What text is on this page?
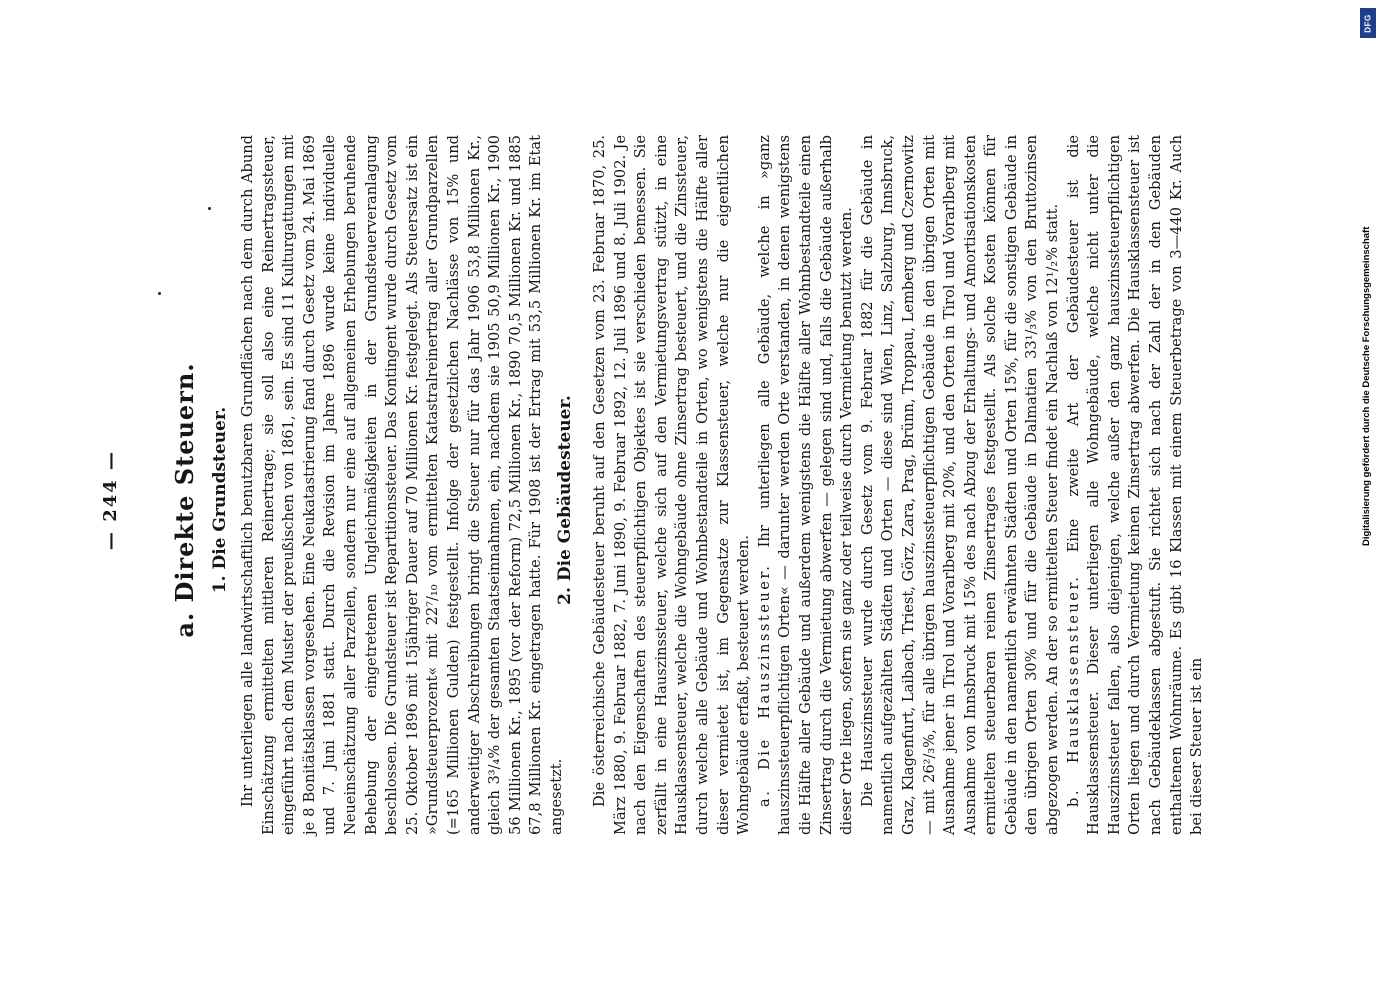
— 244 — a. Direkte Steuern. 1. Die Grundsteuer. Ihr unterliegen alle landwirtschaftlich benutzbaren Grundflächen nach dem durch Abund Einschätzung ermittelten mittleren Reinertrage; sie soll also eine Reinertragssteuer, eingeführt nach dem Muster der preußischen von 1861, sein. Es sind 11 Kulturgattungen mit je 8 Bonitätsklassen vorgesehen. Eine Neukatastrierung fand durch Gesetz vom 24. Mai 1869 und 7. Juni 1881 statt. Durch die Revision im Jahre 1896 wurde keine individuelle Neueinschätzung aller Parzellen, sondern nur eine auf allgemeinen Erhebungen beruhende Behebung der eingetretenen Ungleichmäßigkeiten in der Grundsteuerveranlagung beschlossen. Die Grundsteuer ist Repartitionssteuer. Das Kontingent wurde durch Gesetz vom 25. Oktober 1896 mit 15jähriger Dauer auf 70 Millionen Kr. festgelegt. Als Steuersatz ist ein »Grundsteuerprozent« mit 22⁷/₁₀ vom ermittelten Katastralreinertrag aller Grundparzellen (=165 Millionen Gulden) festgestellt. Infolge der gesetzlichen Nachlässe von 15% und anderweitiger Abschreibungen bringt die Steuer nur für das Jahr 1906 53,8 Millionen Kr., gleich 3³/₄% der gesamten Staatseinnahmen, ein, nachdem sie 1905 50,9 Millionen Kr., 1900 56 Millionen Kr., 1895 (vor der Reform) 72,5 Millionen Kr., 1890 70,5 Millionen Kr. und 1885 67,8 Millionen Kr. eingetragen hatte. Für 1908 ist der Ertrag mit 53,5 Millionen Kr. im Etat angesetzt.

2. Die Gebäudesteuer. Die österreichische Gebäudesteuer beruht auf den Gesetzen vom 23. Februar 1870, 25. März 1880, 9. Februar 1882, 7. Juni 1890, 9. Februar 1892, 12. Juli 1896 und 8. Juli 1902. Je nach den Eigenschaften des steuerpflichtigen Objektes ist sie verschieden bemessen. Sie zerfällt in eine Hauszinssteuer, welche sich auf den Vermietungsvertrag stützt, in eine Hausklassensteuer, welche die Wohngebäude ohne Zinsertrag besteuert, und die Zinssteuer, durch welche alle Gebäude und Wohnbestandteile in Orten, wo wenigstens die Hälfte aller dieser vermietet ist, im Gegensatze zur Klassensteuer, welche nur die eigentlichen Wohngebäude erfaßt, besteuert werden. a. Die Hauszinssteuer. Ihr unterliegen alle Gebäude, welche in »ganz hauszinssteuerpflichtigen Orten« — darunter werden Orte verstanden, in denen wenigstens die Hälfte aller Gebäude und außerdem wenigstens die Hälfte aller Wohnbestandteile einen Zinsertrag durch die Vermietung abwerfen — gelegen sind und, falls die Gebäude außerhalb dieser Orte liegen, sofern sie ganz oder teilweise durch Vermietung benutzt werden. Die Hauszinssteuer wurde durch Gesetz vom 9. Februar 1882 für die Gebäude in namentlich aufgezählten Städten und Orten — diese sind Wien, Linz, Salzburg, Innsbruck, Graz, Klagenfurt, Laibach, Triest, Görz, Zara, Prag, Brünn, Troppau, Lemberg und Czernowitz — mit 26²/₃%, für alle übrigen hauszinssteuerpflichtigen Gebäude in den übrigen Orten mit Ausnahme jener in Tirol und Vorarlberg mit 20%, und den Orten in Tirol und Vorarlberg mit Ausnahme von Innsbruck mit 15% des nach Abzug der Erhaltungs- und Amortisationskosten ermittelten steuerbaren reinen Zinsertrages festgestellt. Als solche Kosten können für Gebäude in den namentlich erwähnten Städten und Orten 15%, für die sonstigen Gebäude in den übrigen Orten 30% und für die Gebäude in Dalmatien 33¹/₃% von den Bruttozinsen abgezogen werden. An der so ermittelten Steuer findet ein Nachlaß von 12¹/₂% statt. b. Hausklassensteuer. Eine zweite Art der Gebäudesteuer ist die Hausklassensteuer. Dieser unterliegen alle Wohngebäude, welche nicht unter die Hauszinssteuer fallen, also diejenigen, welche außer den ganz hauszinssteuerpflichtigen Orten liegen und durch Vermietung keinen Zinsertrag abwerfen. Die Hausklassensteuer ist nach Gebäudeklassen abgestuft. Sie richtet sich nach der Zahl der in den Gebäuden enthaltenen Wohnräume. Es gibt 16 Klassen mit einem Steuerbetrage von 3—440 Kr. Auch bei dieser Steuer ist ein

DFG
Digitalisierung gefördert durch die Deutsche Forschungsgemeinschaft
